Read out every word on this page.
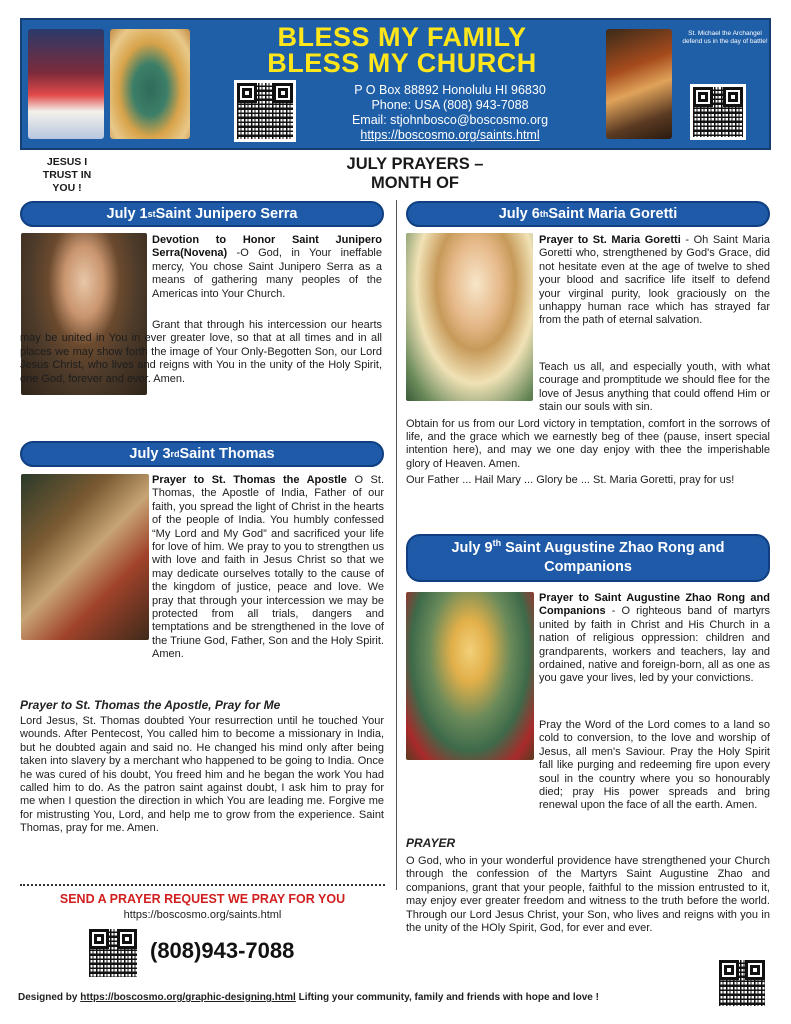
BLESS MY FAMILY
BLESS MY CHURCH
P O Box 88892 Honolulu HI 96830
Phone: USA (808) 943-7088
Email: stjohnbosco@boscosmo.org
https://boscosmo.org/saints.html
St. Michael the Archangel defend us in the day of battle!
JESUS I TRUST IN YOU !
JULY PRAYERS –
MONTH OF
July 1 st Saint Junipero Serra

Devotion to Honor Saint Junipero Serra(Novena) -O God, in Your ineffable mercy, You chose Saint Junipero Serra as a means of gathering many peoples of the Americas into Your Church.

Grant that through his intercession our hearts may be united in You in ever greater love, so that at all times and in all places we may show forth the image of Your Only-Begotten Son, our Lord Jesus Christ, who lives and reigns with You in the unity of the Holy Spirit, one God, forever and ever. Amen.

July 3 rd Saint Thomas

Prayer to St. Thomas the Apostle O St. Thomas, the Apostle of India, Father of our faith, you spread the light of Christ in the hearts of the people of India. You humbly confessed “My Lord and My God” and sacrificed your life for love of him. We pray to you to strengthen us with love and faith in Jesus Christ so that we may dedicate ourselves totally to the cause of the kingdom of justice, peace and love. We pray that through your intercession we may be protected from all trials, dangers and temptations and be strengthened in the love of the Triune God, Father, Son and the Holy Spirit. Amen.

Prayer to St. Thomas the Apostle, Pray for Me
Lord Jesus, St. Thomas doubted Your resurrection until he touched Your wounds. After Pentecost, You called him to become a missionary in India, but he doubted again and said no. He changed his mind only after being taken into slavery by a merchant who happened to be going to India. Once he was cured of his doubt, You freed him and he began the work You had called him to do. As the patron saint against doubt, I ask him to pray for me when I question the direction in which You are leading me. Forgive me for mistrusting You, Lord, and help me to grow from the experience. Saint Thomas, pray for me. Amen.
SEND A PRAYER REQUEST WE PRAY FOR YOU
https://boscosmo.org/saints.html
(808)943-7088
July 6 th Saint Maria Goretti

Prayer to St. Maria Goretti - Oh Saint Maria Goretti who, strengthened by God's Grace, did not hesitate even at the age of twelve to shed your blood and sacrifice life itself to defend your virginal purity, look graciously on the unhappy human race which has strayed far from the path of eternal salvation.

Teach us all, and especially youth, with what courage and promptitude we should flee for the love of Jesus anything that could offend Him or stain our souls with sin.

Obtain for us from our Lord victory in temptation, comfort in the sorrows of life, and the grace which we earnestly beg of thee (pause, insert special intention here), and may we one day enjoy with thee the imperishable glory of Heaven. Amen.

Our Father ... Hail Mary ... Glory be ... St. Maria Goretti, pray for us!

July 9th Saint Augustine Zhao Rong and Companions

Prayer to Saint Augustine Zhao Rong and Companions - O righteous band of martyrs united by faith in Christ and His Church in a nation of religious oppression: children and grandparents, workers and teachers, lay and ordained, native and foreign-born, all as one as you gave your lives, led by your convictions.

Pray the Word of the Lord comes to a land so cold to conversion, to the love and worship of Jesus, all men's Saviour. Pray the Holy Spirit fall like purging and redeeming fire upon every soul in the country where you so honourably died; pray His power spreads and bring renewal upon the face of all the earth. Amen.

PRAYER
O God, who in your wonderful providence have strengthened your Church through the confession of the Martyrs Saint Augustine Zhao and companions, grant that your people, faithful to the mission entrusted to it, may enjoy ever greater freedom and witness to the truth before the world. Through our Lord Jesus Christ, your Son, who lives and reigns with you in the unity of the HOly Spirit, God, for ever and ever.
Designed by https://boscosmo.org/graphic-designing.html Lifting your community, family and friends with hope and love !
